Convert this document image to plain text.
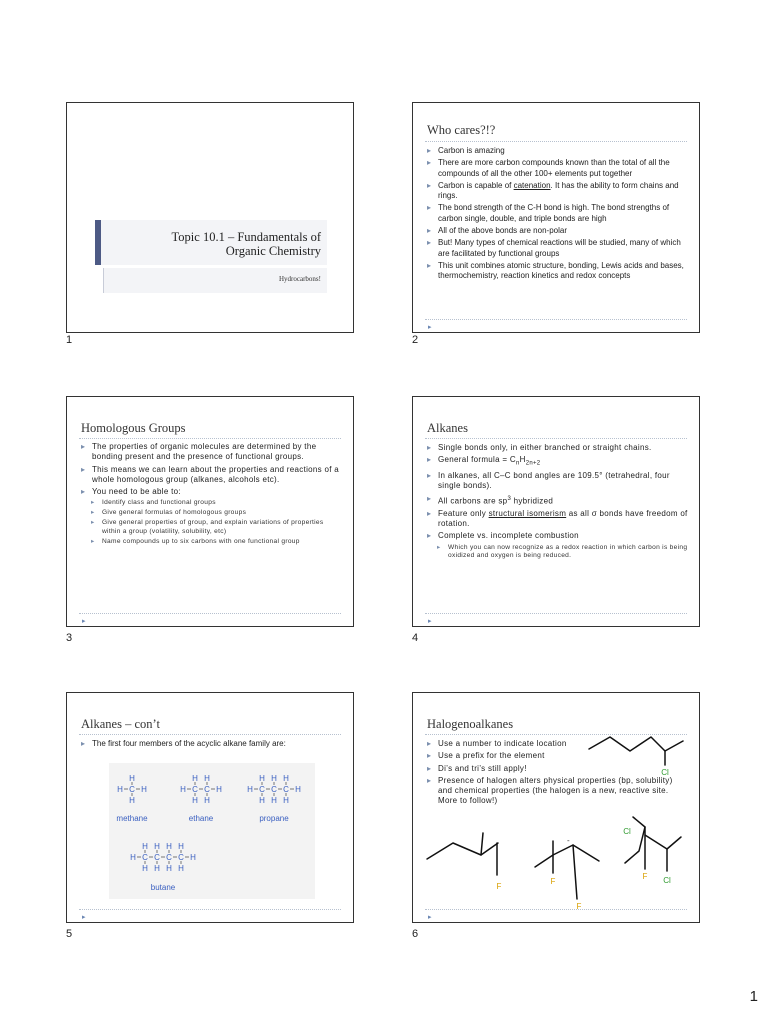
Topic 10.1 – Fundamentals of
Organic Chemistry
Hydrocarbons!
1
Who cares?!?
▸ Carbon is amazing
▸ There are more carbon compounds known than the total of all the compounds of all the other 100+ elements put together
▸ Carbon is capable of catenation. It has the ability to form chains and rings.
▸ The bond strength of the C-H bond is high. The bond strengths of carbon single, double, and triple bonds are high
▸ All of the above bonds are non-polar
▸ But! Many types of chemical reactions will be studied, many of which are facilitated by functional groups
▸ This unit combines atomic structure, bonding, Lewis acids and bases, thermochemistry, reaction kinetics and redox concepts
▸
2
Homologous Groups
▸ The properties of organic molecules are determined by the bonding present and the presence of functional groups.
▸ This means we can learn about the properties and reactions of a whole homologous group (alkanes, alcohols etc).
▸ You need to be able to:
▸ Identify class and functional groups
▸ Give general formulas of homologous groups
▸ Give general properties of group, and explain variations of properties within a group (volatility, solubility, etc)
▸ Name compounds up to six carbons with one functional group
▸
3
Alkanes
▸ Single bonds only, in either branched or straight chains.
▸ General formula = $C_nH_{2n+2}$
▸ In alkanes, all C–C bond angles are 109.5° (tetrahedral, four single bonds).
▸ All carbons are $sp^3$ hybridized
▸ Feature only structural isomerism as all σ bonds have freedom of rotation.
▸ Complete vs. incomplete combustion
▸ Which you can now recognize as a redox reaction in which carbon is being oxidized and oxygen is being reduced.
▸
4
Alkanes – con’t
▸ The first four members of the acyclic alkane family are:
H C
H
H
H	H C
H
H
C
H
H
H	H C
H
H
C
H
H
C
H
H
H
H C
H
H
C
H
H
C
H
H
C
H
H
H
methane	ethane	propane
butane
▸
5
Halogenoalkanes
▸ Use a number to indicate location
▸ Use a prefix for the element
▸ Di’s and tri’s still apply!
▸ Presence of halogen alters physical properties (bp, solubility) and chemical properties (the halogen is a new, reactive site. More to follow!)
Cl
Cl
Cl
F
F
F
F
-
▸
6
1
